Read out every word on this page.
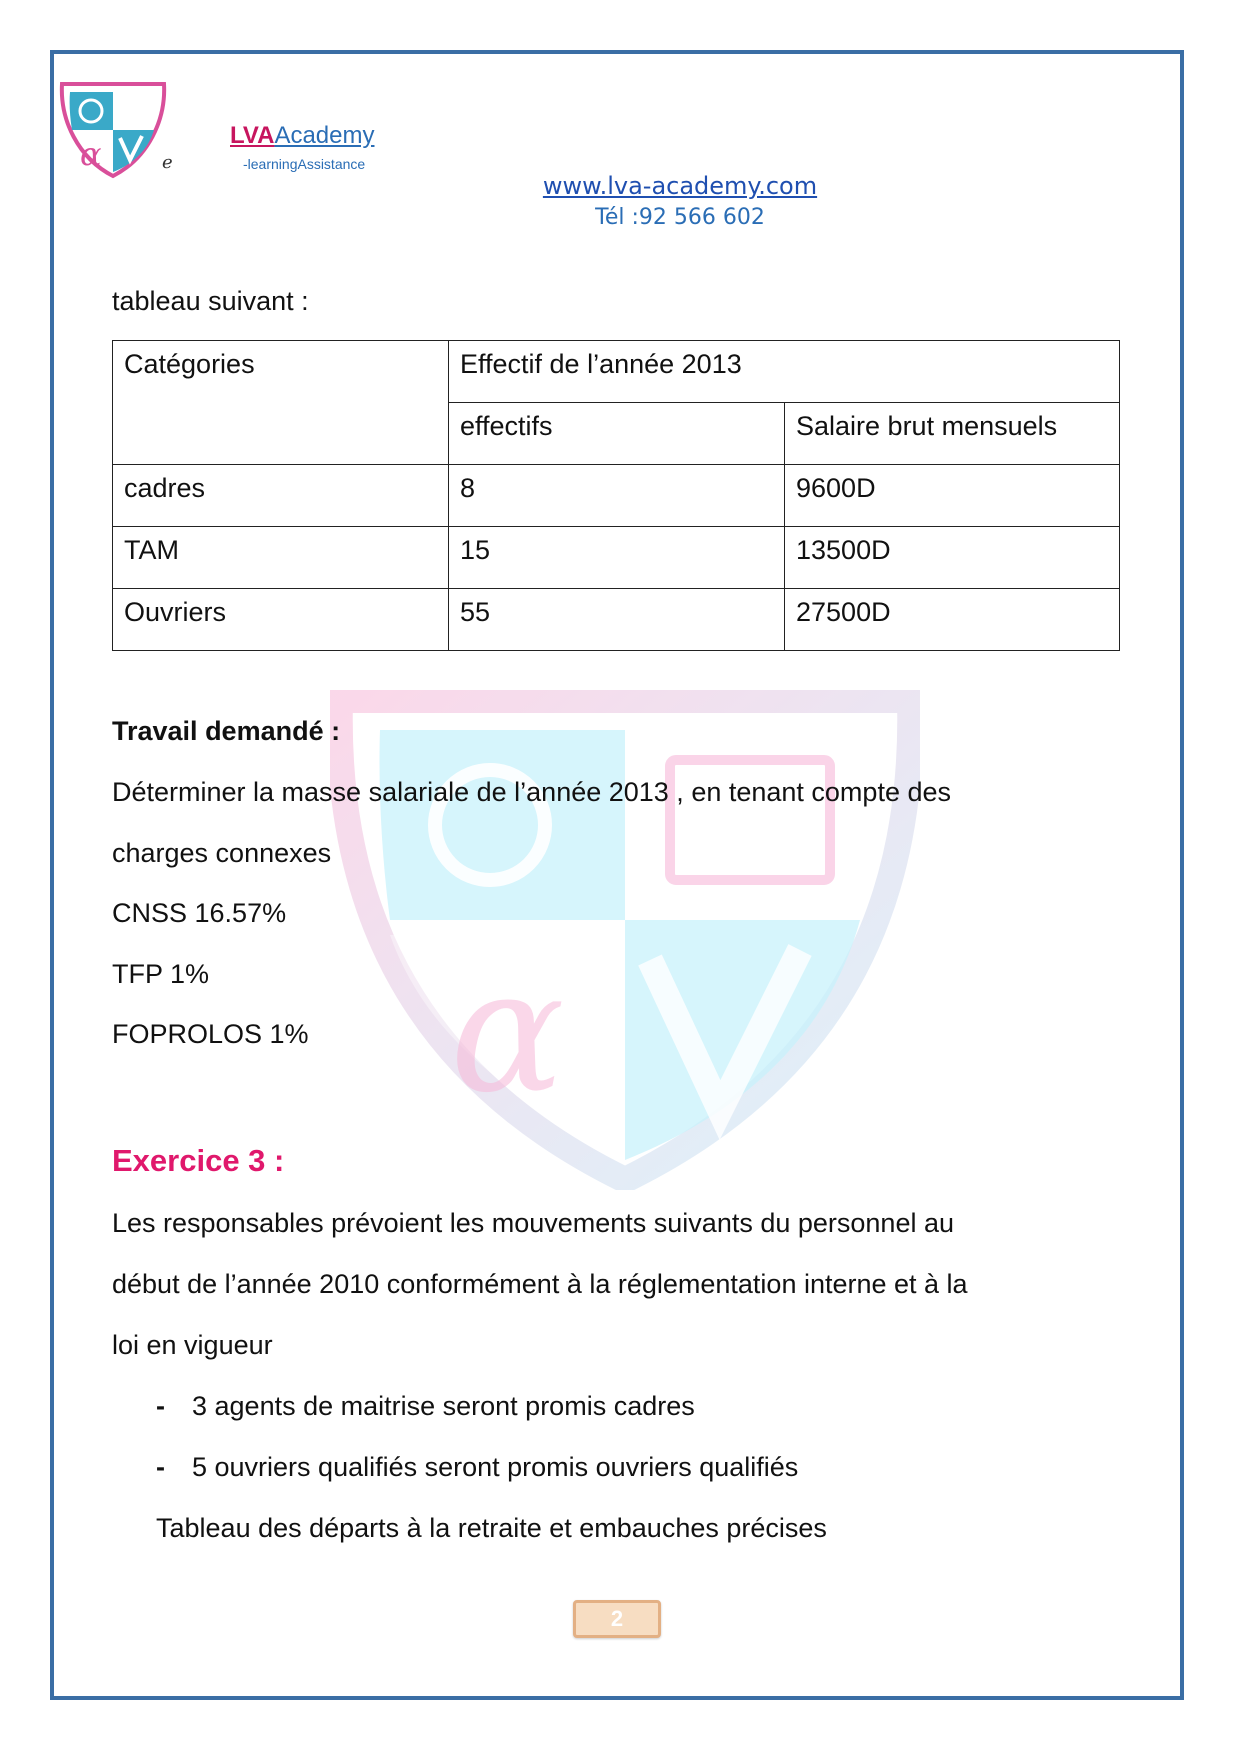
α
α	e
LVAAcademy
-learningAssistance
www.lva-academy.com
Tél :92 566 602
tableau suivant :
Catégories	Effectif de l’année 2013	
	effectifs	Salaire brut mensuels
cadres	8	9600D
TAM	15	13500D
Ouvriers	55	27500D
Travail demandé :
Déterminer la masse salariale de l’année 2013 , en tenant compte des
charges connexes
CNSS 16.57%
TFP 1%
FOPROLOS 1%
Exercice 3 :
Les responsables prévoient les mouvements suivants du personnel au
début de l’année 2010 conformément à la réglementation interne et à la
loi en vigueur
- 3 agents de maitrise seront promis cadres
- 5 ouvriers qualifiés seront promis ouvriers qualifiés
Tableau des départs à la retraite et embauches précises
2
